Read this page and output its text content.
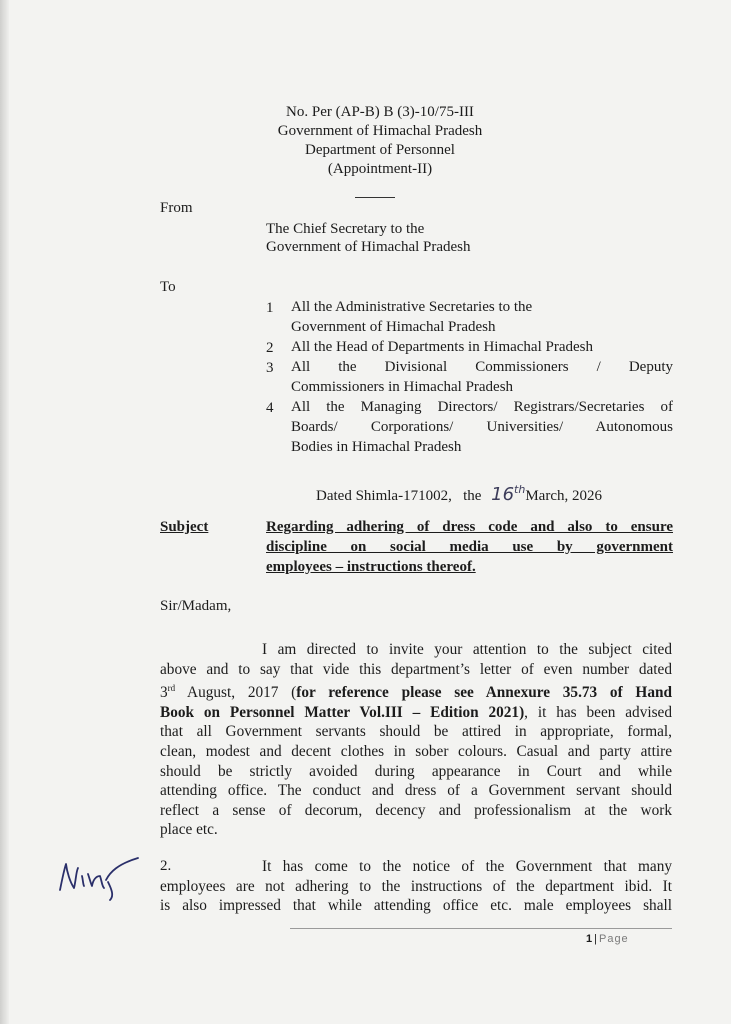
No. Per (AP-B) B (3)-10/75-III
Government of Himachal Pradesh
Department of Personnel
(Appointment-II)
From
The Chief Secretary to the
Government of Himachal Pradesh
To
1 All the Administrative Secretaries to the
Government of Himachal Pradesh
2 All the Head of Departments in Himachal Pradesh
3 All the Divisional Commissioners / Deputy
Commissioners in Himachal Pradesh
4 All the Managing Directors/ Registrars/Secretaries of
Boards/ Corporations/ Universities/ Autonomous
Bodies in Himachal Pradesh
Dated Shimla-171002,   the 16thMarch, 2026
Subject	Regarding adhering of dress code and also to ensure
discipline on social media use by government
employees – instructions thereof.
Sir/Madam,
I am directed to invite your attention to the subject cited
above and to say that vide this department’s letter of even number dated
3rd August, 2017 (for reference please see Annexure 35.73 of Hand
Book on Personnel Matter Vol.III – Edition 2021), it has been advised
that all Government servants should be attired in appropriate, formal,
clean, modest and decent clothes in sober colours. Casual and party attire
should be strictly avoided during appearance in Court and while
attending office. The conduct and dress of a Government servant should
reflect a sense of decorum, decency and professionalism at the work
place etc.
2.	It has come to the notice of the Government that many
employees are not adhering to the instructions of the department ibid. It
is also impressed that while attending office etc. male employees shall
1 | Page
